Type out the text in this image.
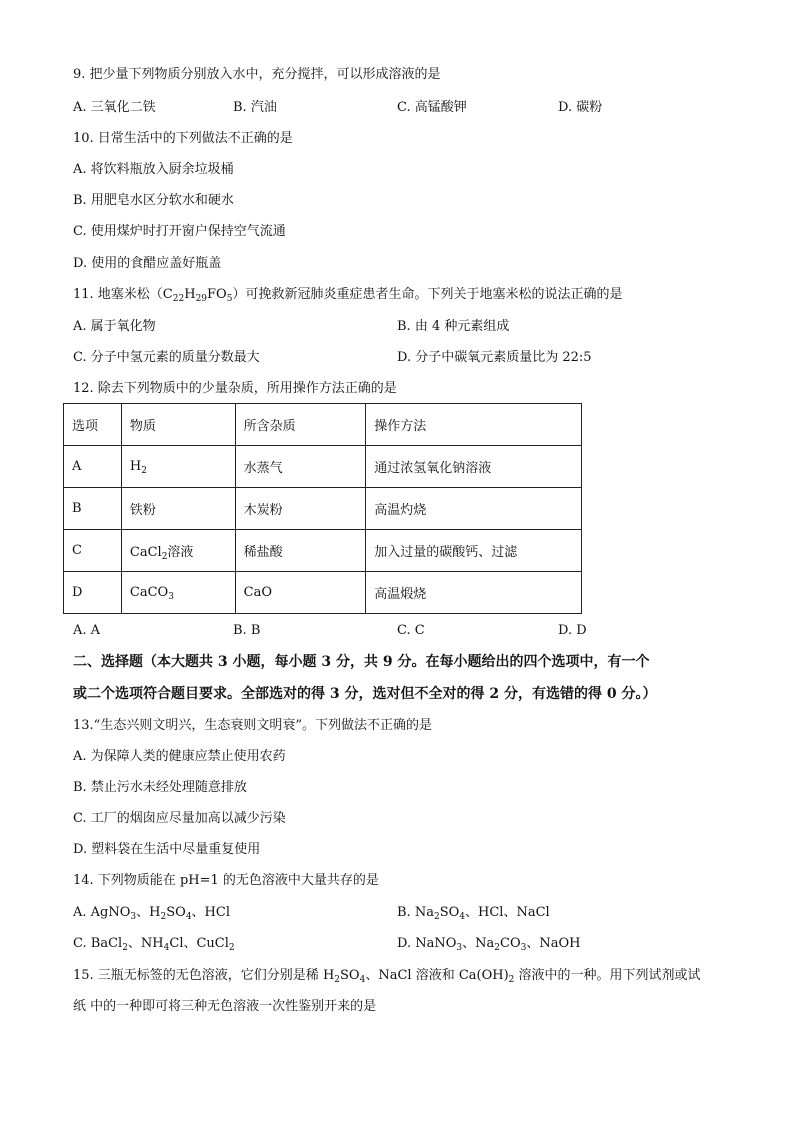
9. 把少量下列物质分别放入水中，充分搅拌，可以形成溶液的是
A. 三氧化二铁	B. 汽油	C. 高锰酸钾	D. 碳粉
10. 日常生活中的下列做法不正确的是
A. 将饮料瓶放入厨余垃圾桶
B. 用肥皂水区分软水和硬水
C. 使用煤炉时打开窗户保持空气流通
D. 使用的食醋应盖好瓶盖
11. 地塞米松$(C_{22}H_{29}FO_5)$可挽救新冠肺炎重症患者生命。下列关于地塞米松的说法正确的是
A. 属于氧化物	B. 由 4 种元素组成
C. 分子中氢元素的质量分数最大	D. 分子中碳氧元素质量比为 22:5
12. 除去下列物质中的少量杂质，所用操作方法正确的是
选项	物质	所含杂质	操作方法
A	$H_2$	水蒸气	通过浓氢氧化钠溶液
B	铁粉	木炭粉	高温灼烧
C	CaCl$_2$溶液	稀盐酸	加入过量的碳酸钙、过滤
D	CaCO$_3$	CaO	高温煅烧
A. A	B. B	C. C	D. D
二、选择题（本大题共 3 小题，每小题 3 分，共 9 分。在每小题给出的四个选项中，有一个
或二个选项符合题目要求。全部选对的得 3 分，选对但不全对的得 2 分，有选错的得 0 分。）
13.“生态兴则文明兴，生态衰则文明衰”。下列做法不正确的是
A. 为保障人类的健康应禁止使用农药
B. 禁止污水未经处理随意排放
C. 工厂的烟囱应尽量加高以减少污染
D. 塑料袋在生活中尽量重复使用
14. 下列物质能在 pH=1 的无色溶液中大量共存的是
A. AgNO$_3$、$H_2SO_4$、HCl	B. $Na_2SO_4$、HCl、NaCl
C. BaCl$_2$、$NH_4Cl$、CuCl$_2$	D. NaNO$_3$、$Na_2CO_3$、NaOH
15. 三瓶无标签的无色溶液，它们分别是稀 $H_2SO_4$、NaCl 溶液和 $Ca(OH)_2$ 溶液中的一种。用下列试剂或试
纸 中的一种即可将三种无色溶液一次性鉴别开来的是
